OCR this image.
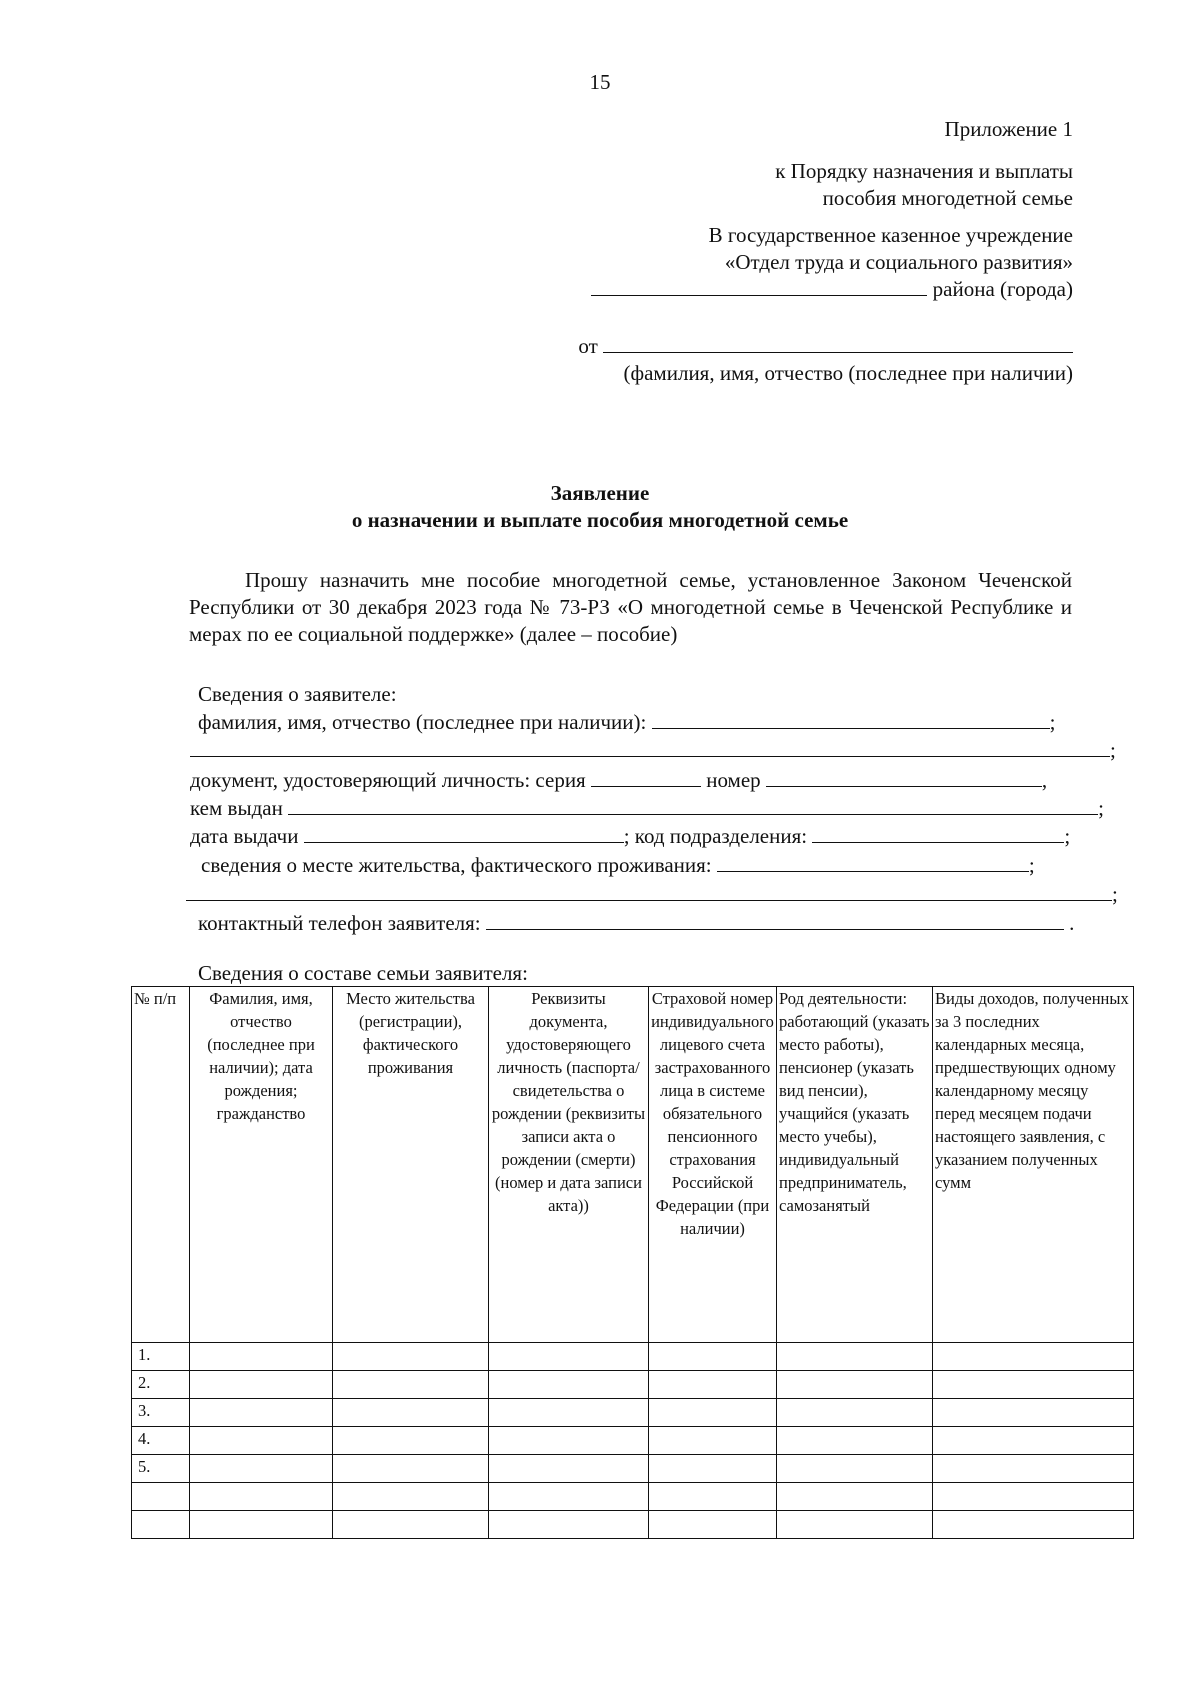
15
Приложение 1
к Порядку назначения и выплаты
пособия многодетной семье
В государственное казенное учреждение
«Отдел труда и социального развития»
района (города)
от
(фамилия, имя, отчество (последнее при наличии)
Заявление
о назначении и выплате пособия многодетной семье
Прошу назначить мне пособие многодетной семье, установленное Законом Чеченской Республики от 30 декабря 2023 года № 73-РЗ «О многодетной семье в Чеченской Республике и мерах по ее социальной поддержке» (далее – пособие)
Сведения о заявителе:
фамилия, имя, отчество (последнее при наличии):	;
;
документ, удостоверяющий личность: серия	номер	,
кем выдан	;
дата выдачи	; код подразделения:	;
сведения о месте жительства, фактического проживания:	;
;
контактный телефон заявителя:	.
Сведения о составе семьи заявителя:
№ п/п	Фамилия, имя, отчество (последнее при наличии); дата рождения; гражданство	Место жительства (регистрации), фактического проживания	Реквизиты документа, удостоверяющего личность (паспорта/свидетельства о рождении (реквизиты записи акта о рождении (смерти) (номер и дата записи акта))	Страховой номер индивидуального лицевого счета застрахованного лица в системе обязательного пенсионного страхования Российской Федерации (при наличии)	Род деятельности: работающий (указать место работы), пенсионер (указать вид пенсии), учащийся (указать место учебы), индивидуальный предприниматель, самозанятый	Виды доходов, полученных за 3 последних календарных месяца, предшествующих одному календарному месяцу перед месяцем подачи настоящего заявления, с указанием полученных сумм
1.						
2.						
3.						
4.						
5.						
